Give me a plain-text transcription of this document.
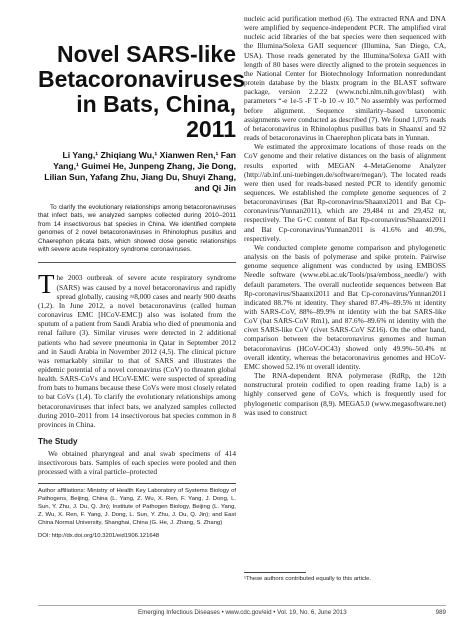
Novel SARS-like Betacoronaviruses in Bats, China, 2011
Li Yang,¹ Zhiqiang Wu,¹ Xianwen Ren,¹ Fan Yang,¹ Guimei He, Junpeng Zhang, Jie Dong, Lilian Sun, Yafang Zhu, Jiang Du, Shuyi Zhang, and Qi Jin
To clarify the evolutionary relationships among betacoronaviruses that infect bats, we analyzed samples collected during 2010–2011 from 14 insectivorous bat species in China. We identified complete genomes of 2 novel betacoronaviruses in Rhinolophus pusillus and Chaerephon plicata bats, which showed close genetic relationships with severe acute respiratory syndrome coronaviruses.

The 2003 outbreak of severe acute respiratory syndrome (SARS) was caused by a novel betacoronavirus and rapidly spread globally, causing ≈8,000 cases and nearly 900 deaths (1,2). In June 2012, a novel betacoronavirus (called human coronavirus EMC [HCoV-EMC]) also was isolated from the sputum of a patient from Saudi Arabia who died of pneumonia and renal failure (3). Similar viruses were detected in 2 additional patients who had severe pneumonia in Qatar in September 2012 and in Saudi Arabia in November 2012 (4,5). The clinical picture was remarkably similar to that of SARS and illustrates the epidemic potential of a novel coronavirus (CoV) to threaten global health. SARS-CoVs and HCoV-EMC were suspected of spreading from bats to humans because these CoVs were most closely related to bat CoVs (1,4). To clarify the evolutionary relationships among betacoronaviruses that infect bats, we analyzed samples collected during 2010–2011 from 14 insectivorous bat species common in 8 provinces in China.

The Study

We obtained pharyngeal and anal swab specimens of 414 insectivorous bats. Samples of each species were pooled and then processed with a viral particle–protected

Author affiliations: Ministry of Health Key Laboratory of Systems Biology of Pathogens, Beijing, China (L. Yang, Z. Wu, X. Ren, F. Yang, J. Dong, L. Sun, Y. Zhu, J. Du, Q. Jin); Institute of Pathogen Biology, Beijing (L. Yang, Z. Wu, X. Ren, F. Yang, J. Dong, L. Sun, Y. Zhu, J. Du, Q. Jin); and East China Normal University, Shanghai, China (G. He, J. Zhang, S. Zhang)
DOI: http://dx.doi.org/10.3201/eid1906.121648

nucleic acid purification method (6). The extracted RNA and DNA were amplified by sequence-independent PCR. The amplified viral nucleic acid libraries of the bat species were then sequenced with the Illumina/Solexa GAII sequencer (Illumina, San Diego, CA, USA). Those reads generated by the Illumina/Solexa GAII with length of 80 bases were directly aligned to the protein sequences in the National Center for Biotechnology Information nonredundant protein database by the blastx program in the BLAST software package, version 2.2.22 (www.ncbi.nlm.nih.gov/blast) with parameters “-e 1e-5 -F T -b 10 -v 10.” No assembly was performed before alignment. Sequence similarity–based taxonomic assignments were conducted as described (7). We found 1,075 reads of betacoronavirus in Rhinolophus pusillus bats in Shaanxi and 92 reads of betacoronavirus in Chaerephon plicata bats in Yunnan.

We estimated the approximate locations of those reads on the CoV genome and their relative distances on the basis of alignment results exported with MEGAN 4–MetaGenome Analyzer (http://ab.inf.uni-tuebingen.de/software/megan/). The located reads were then used for reads-based nested PCR to identify genomic sequences. We established the complete genome sequences of 2 betacoronaviruses (Bat Rp-coronavirus/Shaanxi2011 and Bat Cp-coronavirus/Yunnan2011), which are 29,484 nt and 29,452 nt, respectively. The G+C content of Bat Rp-coronavirus/Shaanxi2011 and Bat Cp-coronavirus/Yunnan2011 is 41.6% and 40.9%, respectively.

We conducted complete genome comparison and phylogenetic analysis on the basis of polymerase and spike protein. Pairwise genome sequence alignment was conducted by using EMBOSS Needle software (www.ebi.ac.uk/Tools/psa/emboss_needle/) with default parameters. The overall nucleotide sequences between Bat Rp-coronavirus/Shaanxi2011 and Bat Cp-coronavirus/Yunnan2011 indicated 88.7% nt identity. They shared 87.4%–89.5% nt identity with SARS-CoV, 88%–89.9% nt identity with the bat SARS-like CoV (bat SARS-CoV Rm1), and 87.6%–89.6% nt identity with the civet SARS-like CoV (civet SARS-CoV SZ16). On the other hand, comparison between the betacoronavirus genomes and human betacoronavirus (HCoV-OC43) showed only 49.9%–50.4% nt overall identity, whereas the betacoronavirus genomes and HCoV-EMC showed 52.1% nt overall identity.

The RNA-dependent RNA polymerase (RdRp, the 12th nonstructural protein codified to open reading frame 1a,b) is a highly conserved gene of CoVs, which is frequently used for phylogenetic comparison (8,9). MEGA5.0 (www.megasoftware.net) was used to construct

¹These authors contributed equally to this article.
Emerging Infectious Diseases • www.cdc.gov/eid • Vol. 19, No. 6, June 2013	989
